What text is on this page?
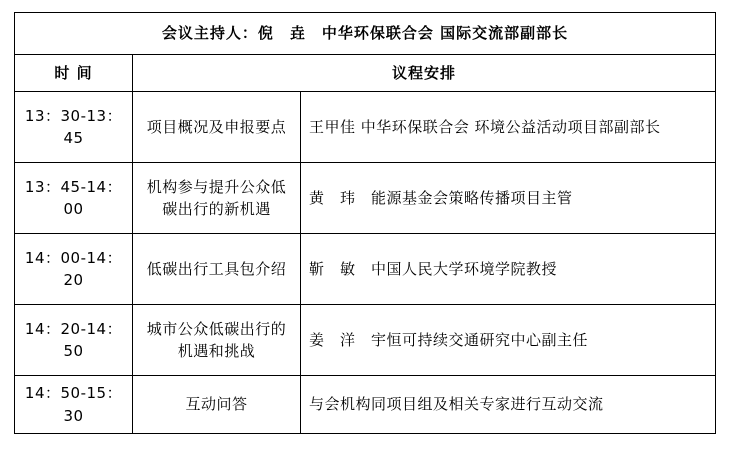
会议主持人：倪　垚　中华环保联合会 国际交流部副部长		
时 间	议程安排	
13：30-13：45	项目概况及申报要点	王甲佳 中华环保联合会 环境公益活动项目部副部长
13：45-14：00	机构参与提升公众低碳出行的新机遇	黄　玮　能源基金会策略传播项目主管
14：00-14：20	低碳出行工具包介绍	靳　敏　中国人民大学环境学院教授
14：20-14：50	城市公众低碳出行的机遇和挑战	姜　洋　宇恒可持续交通研究中心副主任
14：50-15：30	互动问答	与会机构同项目组及相关专家进行互动交流
